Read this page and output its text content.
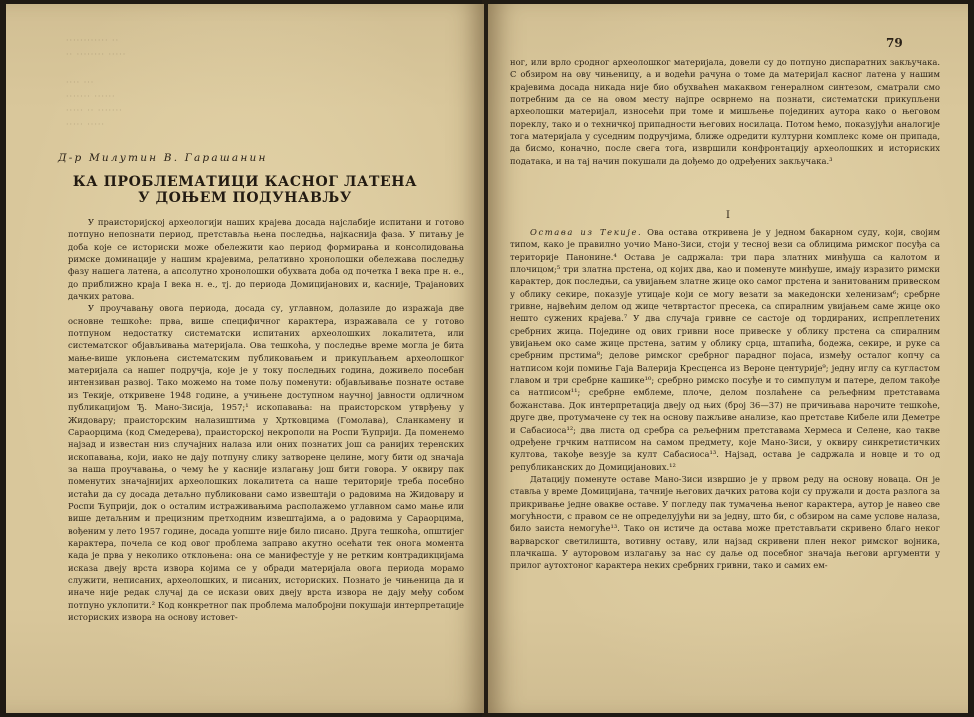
············ ··
·· ········ ·····

···· ···
······· ······
····· ·· ·······
····· ·····
Д-р Милутин В. Гарашанин
КА ПРОБЛЕМАТИЦИ КАСНОГ ЛАТЕНА
У ДОЊЕМ ПОДУНАВЉУ

У праисторијској археологији наших крајева досада најслабије испитани и готово потпуно непознати период, претставља њена последња, најкаснија фаза. У питању је доба које се историски може обележити као период формирања и консолидовања римске доминације у нашим крајевима, релативно хронолошки обележава последњу фазу нашега латена, а апсолутно хронолошки обухвата доба од почетка I века пре н. е., до приближно краја I века н. е., тј. до периода Домицијанових и, касније, Трајанових дачких ратова.

У проучавању овога периода, досада су, углавном, долазиле до изражаја две основне тешкоће: прва, више специфичног карактера, изражавала се у готово потпуном недостатку систематски испитаних археолошких локалитета, или систематског објављивања материјала. Ова тешкоћа, у последње време могла је бита мање-више уклоњена систематским публиковањем и прикупљањем археолошког материјала са нашег подручја, које је у току последњих година, доживело посебан интензиван развој. Тако можемо на томе пољу поменути: објављивање познате оставе из Текије, откривене 1948 године, а учињене доступном научној јавности одличном публикацијом Ђ. Мано-Зисија, 1957;¹ ископавања: на праисторском утврђењу у Жидовару; праисторским налазиштима у Хртковцима (Гомолава), Сланкамену и Сараорцима (код Смедерева), праисторској некрополи на Роспи Ћуприји. Да поменемо најзад и известан низ случајних налаза или оних познатих још са ранијих теренских ископавања, који, иако не дају потпуну слику затворене целине, могу бити од значаја за наша проучавања, о чему ће у касније излагању још бити говора. У оквиру пак поменутих значајнијих археолошких локалитета са наше територије треба посебно истаћи да су досада детаљно публиковани само извештаји о радовима на Жидовару и Роспи Ћуприји, док о осталим истраживањима располажемо углавном само мање или више детаљним и прецизним претходним извештајима, а о радовима у Сараорцима, вођеним у лето 1957 године, досада уопште није било писано. Друга тешкоћа, општијег карактера, почела се код овог проблема заправо акутно осећати тек онога момента када је прва у неколико отклоњена: она се манифестује у не ретким контрадикцијама исказа двеју врста извора којима се у обради материјала овога периода морамо служити, неписаних, археолошких, и писаних, историских. Познато је чињеница да и иначе није редак случај да се искази ових двеју врста извора не дају међу собом потпуно уклопити.² Код конкретног пак проблема малобројни покушаји интерпретације историских извора на основу истовет-

79

ног, или врло сродног археолошког материјала, довели су до потпуно диспаратних закључака. С обзиром на ову чињеницу, а и водећи рачуна о томе да материјал касног латена у нашим крајевима досада никада није био обухваћен макаквом генералном синтезом, сматрали смо потребним да се на овом месту најпре осврнемо на познати, систематски прикупљени археолошки материјал, износећи при томе и мишљење појединих аутора како о његовом пореклу, тако и о техничкој припадности његових носилаца. Потом ћемо, показујући аналогије тога материјала у суседним подручјима, ближе одредити културни комплекс коме он припада, да бисмо, коначно, после свега тога, извршили конфронтацију археолошких и историских података, и на тај начин покушали да дођемо до одређених закључака.³

I

Остава из Текије. Ова остава откривена је у једном бакарном суду, који, својим типом, како је правилно уочио Мано-Зиси, стоји у тесној вези са облицима римског посуђа са територије Панонине.⁴ Остава је садржала: три пара златних минђуша са калотом и плочицом;⁵ три златна прстена, од којих два, као и поменуте минђуше, имају изразито римски карактер, док последњи, са увијањем златне жице око самог прстена и занитованим привеском у облику секире, показује утицаје који се могу везати за македонски хеленизам⁶; сребрне гривне, највећим делом од жице четвртастог пресека, са спиралним увијањем саме жице око нешто сужених крајева.⁷ У два случаја гривне се састоје од тордираних, испреплетених сребрних жица. Поједине од ових гривни носе привеске у облику прстена са спиралним увијањем око саме жице прстена, затим у облику срца, штапића, бодежа, секире, и руке са сребрним прстима⁸; делове римског сребрног парадног појаса, између осталог копчу са натписом који помиње Гаја Валерија Кресценса из Вероне центурије⁹; једну иглу са кугластом главом и три сребрне кашике¹⁰; сребрно римско посуђе и то симпулум и патере, делом такође са натписом¹¹; сребрне емблеме, плоче, делом позлаћене са рељефним претставама божанстава. Док интерпретација двеју од њих (број 36—37) не причињава нарочите тешкоће, друге две, протумачене су тек на основу пажљиве анализе, као претставе Кибеле или Деметре и Сабасиоса¹²; два листа од сребра са рељефним претставама Хермеса и Селене, као такве одређене грчким натписом на самом предмету, које Мано-Зиси, у оквиру синкретистичких култова, такође везује за култ Сабасиоса¹³. Најзад, остава је садржала и новце и то од републиканских до Домицијанових.¹²

Датацију поменуте оставе Мано-Зиси извршио је у првом реду на основу новаца. Он је ставља у време Домицијана, тачније његових дачких ратова који су пружали и доста разлога за прикривање једне овакве оставе. У погледу пак тумачења њеног карактера, аутор је навео све могућности, с правом се не определујући ни за једну, што би, с обзиром на саме услове налаза, било заиста немогуће¹³. Тако он истиче да остава може претстављати скривено благо неког варварског светилишта, вотивну оставу, или најзад скривени плен неког римског војника, плачкаша. У ауторовом излагању за нас су даље од посебног значаја његови аргументи у прилог аутохтоног карактера неких сребрних гривни, тако и самих ем-
